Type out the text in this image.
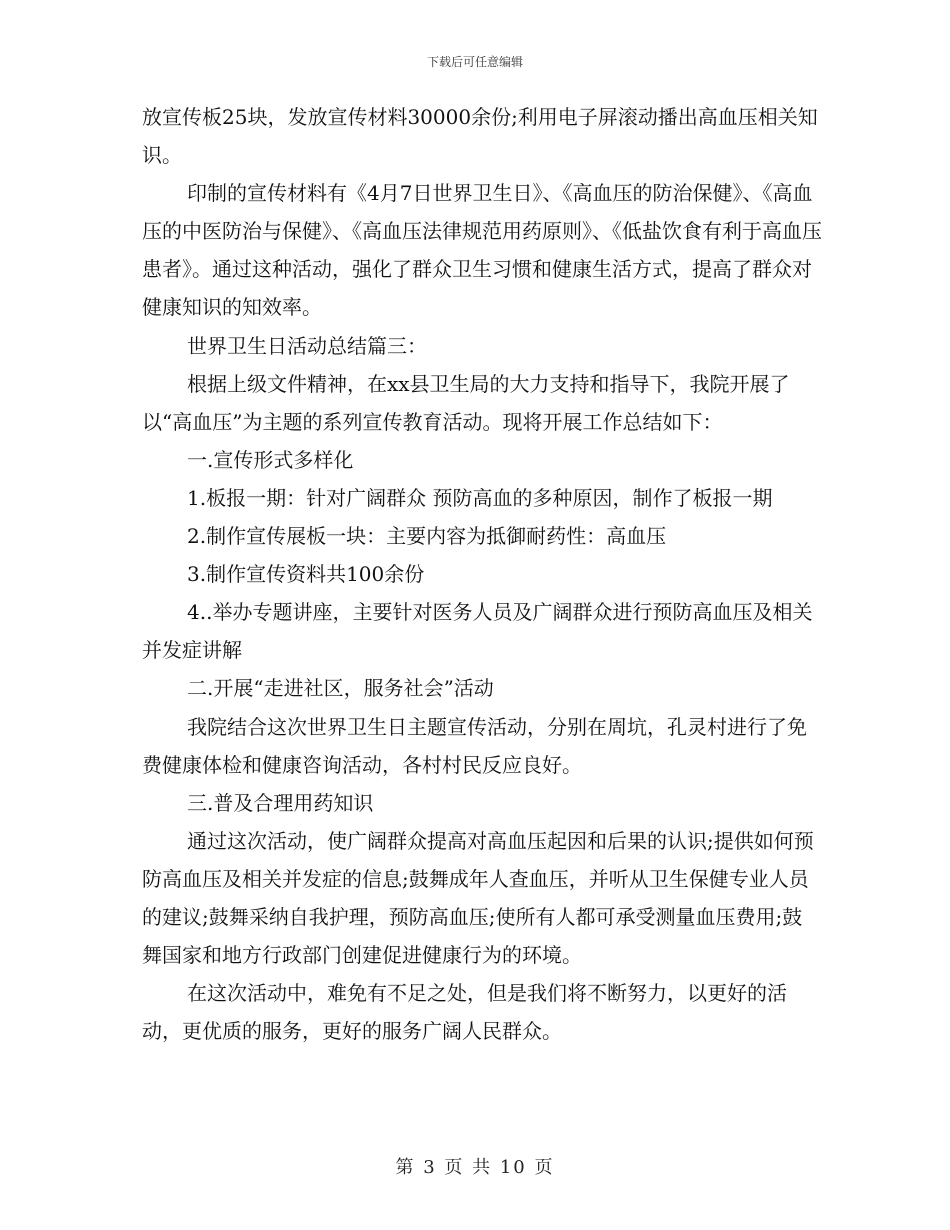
下载后可任意编辑

放宣传板25块，发放宣传材料30000余份;利用电子屏滚动播出高血压相关知识。

印制的宣传材料有《4月7日世界卫生日》、《高血压的防治保健》、《高血压的中医防治与保健》、《高血压法律规范用药原则》、《低盐饮食有利于高血压患者》。通过这种活动，强化了群众卫生习惯和健康生活方式，提高了群众对健康知识的知效率。

世界卫生日活动总结篇三：

根据上级文件精神，在xx县卫生局的大力支持和指导下，我院开展了以“高血压”为主题的系列宣传教育活动。现将开展工作总结如下：

一.宣传形式多样化

1.板报一期：针对广阔群众 预防高血的多种原因，制作了板报一期

2.制作宣传展板一块：主要内容为抵御耐药性：高血压

3.制作宣传资料共100余份

4..举办专题讲座，主要针对医务人员及广阔群众进行预防高血压及相关并发症讲解

二.开展“走进社区，服务社会”活动

我院结合这次世界卫生日主题宣传活动，分别在周坑，孔灵村进行了免费健康体检和健康咨询活动，各村村民反应良好。

三.普及合理用药知识

通过这次活动，使广阔群众提高对高血压起因和后果的认识;提供如何预防高血压及相关并发症的信息;鼓舞成年人查血压，并听从卫生保健专业人员的建议;鼓舞采纳自我护理，预防高血压;使所有人都可承受测量血压费用;鼓舞国家和地方行政部门创建促进健康行为的环境。

在这次活动中，难免有不足之处，但是我们将不断努力，以更好的活动，更优质的服务，更好的服务广阔人民群众。

第 3 页 共 10 页
